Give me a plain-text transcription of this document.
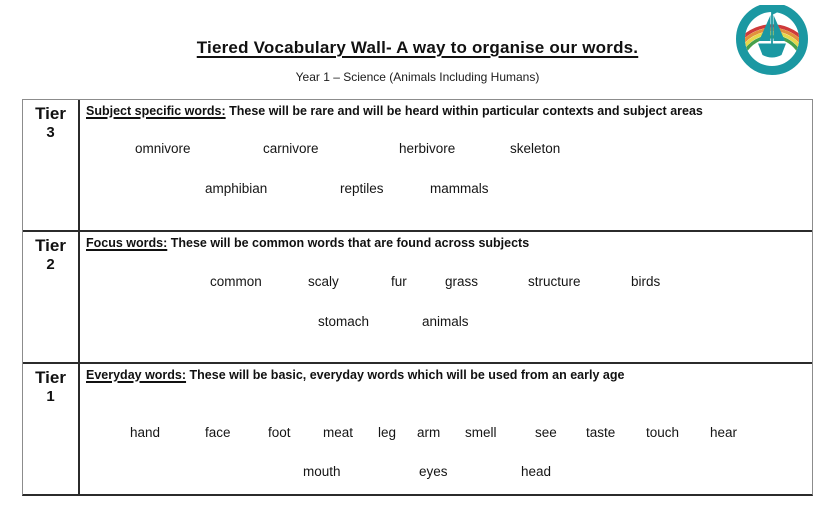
Tiered Vocabulary Wall- A way to organise our words.
Year 1 – Science (Animals Including Humans)
Tier
3
Subject specific words: These will be rare and will be heard within particular contexts and subject areas
omnivore	carnivore	herbivore	skeleton
amphibian	reptiles	mammals
Tier
2
Focus words: These will be common words that are found across subjects
common	scaly	fur	grass	structure	birds
stomach	animals
Tier
1
Everyday words: These will be basic, everyday words which will be used from an early age
hand	face	foot meat leg arm smell	see taste touch hear
mouth	eyes	head
